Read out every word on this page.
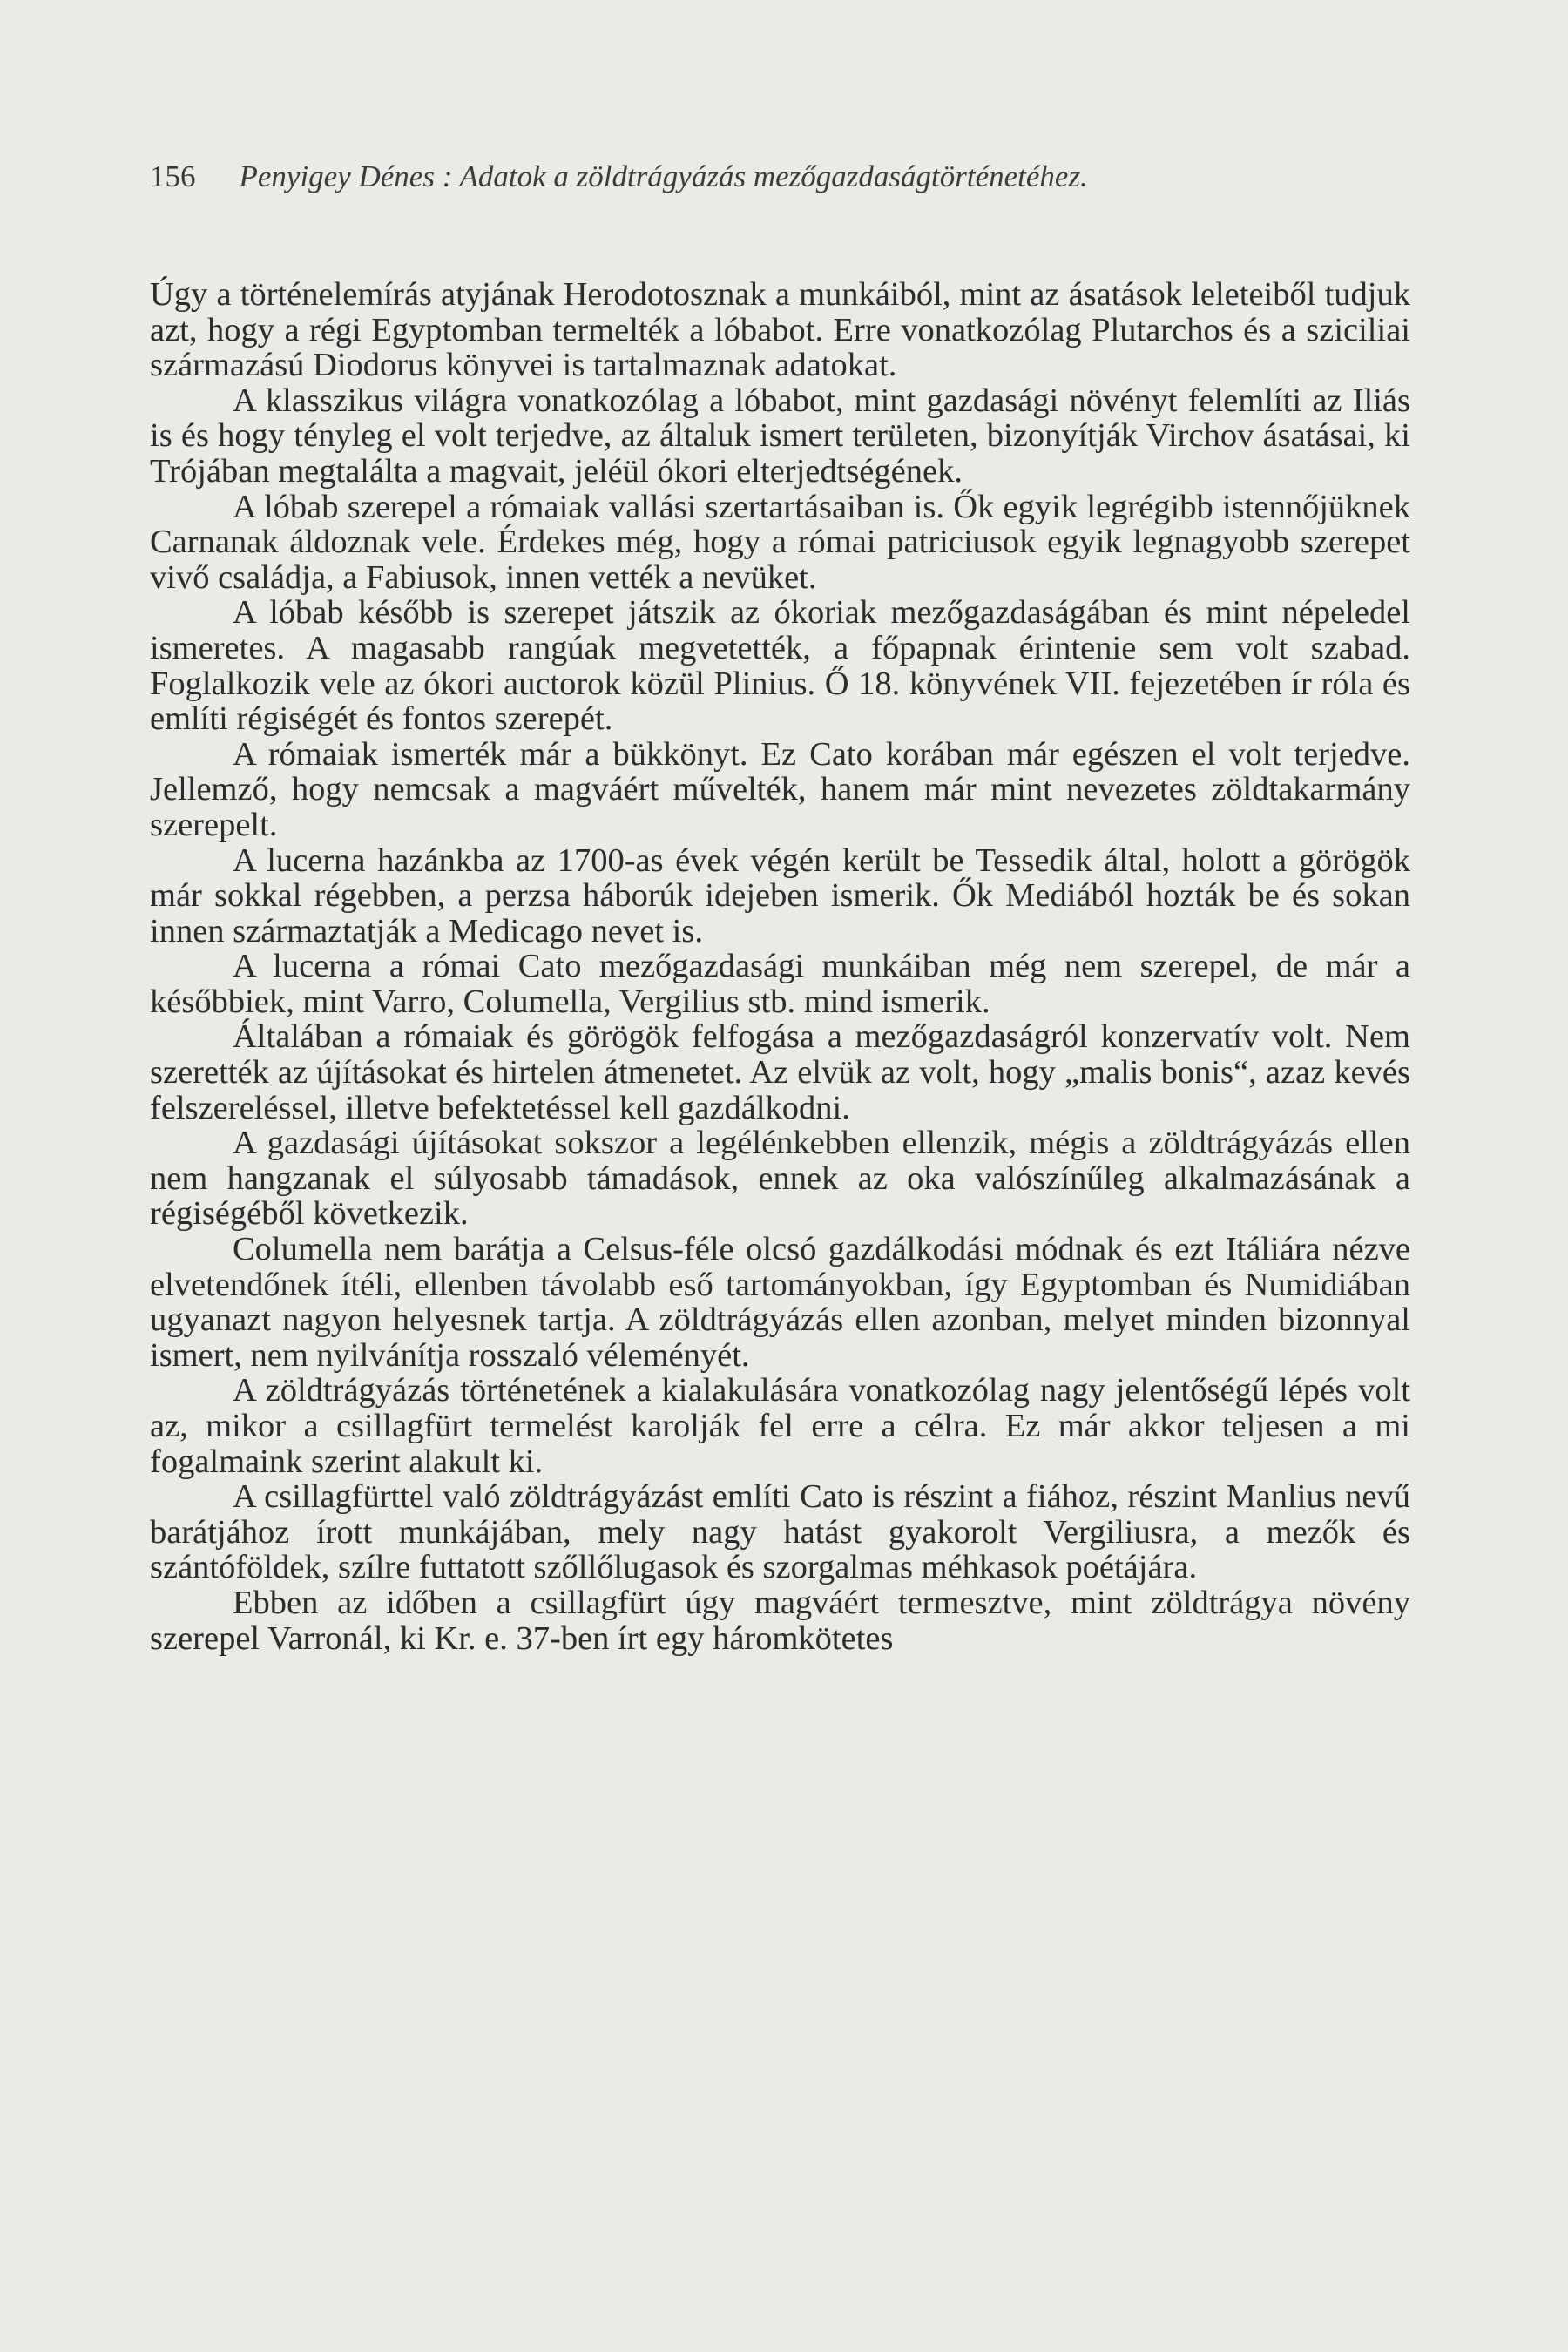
156 Penyigey Dénes : Adatok a zöldtrágyázás mezőgazdaságtörténetéhez.

Úgy a történelemírás atyjának Herodotosznak a munkáiból, mint az ásatások leleteiből tudjuk azt, hogy a régi Egyptomban termelték a lóbabot. Erre vonatkozólag Plutarchos és a sziciliai származású Diodorus könyvei is tartalmaznak adatokat.

A klasszikus világra vonatkozólag a lóbabot, mint gazdasági növényt felemlíti az Iliás is és hogy tényleg el volt terjedve, az általuk ismert területen, bizonyítják Virchov ásatásai, ki Trójában megtalálta a magvait, jeléül ókori elterjedtségének.

A lóbab szerepel a rómaiak vallási szertartásaiban is. Ők egyik legrégibb istennőjüknek Carnanak áldoznak vele. Érdekes még, hogy a római patriciusok egyik legnagyobb szerepet vivő családja, a Fabiusok, innen vették a nevüket.

A lóbab később is szerepet játszik az ókoriak mezőgazdaságában és mint népeledel ismeretes. A magasabb rangúak megvetették, a főpapnak érintenie sem volt szabad. Foglalkozik vele az ókori auctorok közül Plinius. Ő 18. könyvének VII. fejezetében ír róla és említi régiségét és fontos szerepét.

A rómaiak ismerték már a bükkönyt. Ez Cato korában már egészen el volt terjedve. Jellemző, hogy nemcsak a magváért művelték, hanem már mint nevezetes zöldtakarmány szerepelt.

A lucerna hazánkba az 1700-as évek végén került be Tessedik által, holott a görögök már sokkal régebben, a perzsa háborúk idejeben ismerik. Ők Mediából hozták be és sokan innen származtatják a Medicago nevet is.

A lucerna a római Cato mezőgazdasági munkáiban még nem szerepel, de már a későbbiek, mint Varro, Columella, Vergilius stb. mind ismerik.

Általában a rómaiak és görögök felfogása a mezőgazdaságról konzervatív volt. Nem szerették az újításokat és hirtelen átmenetet. Az elvük az volt, hogy „malis bonis“, azaz kevés felszereléssel, illetve befektetéssel kell gazdálkodni.

A gazdasági újításokat sokszor a legélénkebben ellenzik, mégis a zöldtrágyázás ellen nem hangzanak el súlyosabb támadások, ennek az oka valószínűleg alkalmazásának a régiségéből következik.

Columella nem barátja a Celsus-féle olcsó gazdálkodási módnak és ezt Itáliára nézve elvetendőnek ítéli, ellenben távolabb eső tartományokban, így Egyptomban és Numidiában ugyanazt nagyon helyesnek tartja. A zöldtrágyázás ellen azonban, melyet minden bizonnyal ismert, nem nyilvánítja rosszaló véleményét.

A zöldtrágyázás történetének a kialakulására vonatkozólag nagy jelentőségű lépés volt az, mikor a csillagfürt termelést karolják fel erre a célra. Ez már akkor teljesen a mi fogalmaink szerint alakult ki.

A csillagfürttel való zöldtrágyázást említi Cato is részint a fiához, részint Manlius nevű barátjához írott munkájában, mely nagy hatást gyakorolt Vergiliusra, a mezők és szántóföldek, szílre futtatott szőllőlugasok és szorgalmas méhkasok poétájára.

Ebben az időben a csillagfürt úgy magváért termesztve, mint zöldtrágya növény szerepel Varronál, ki Kr. e. 37-ben írt egy háromkötetes
